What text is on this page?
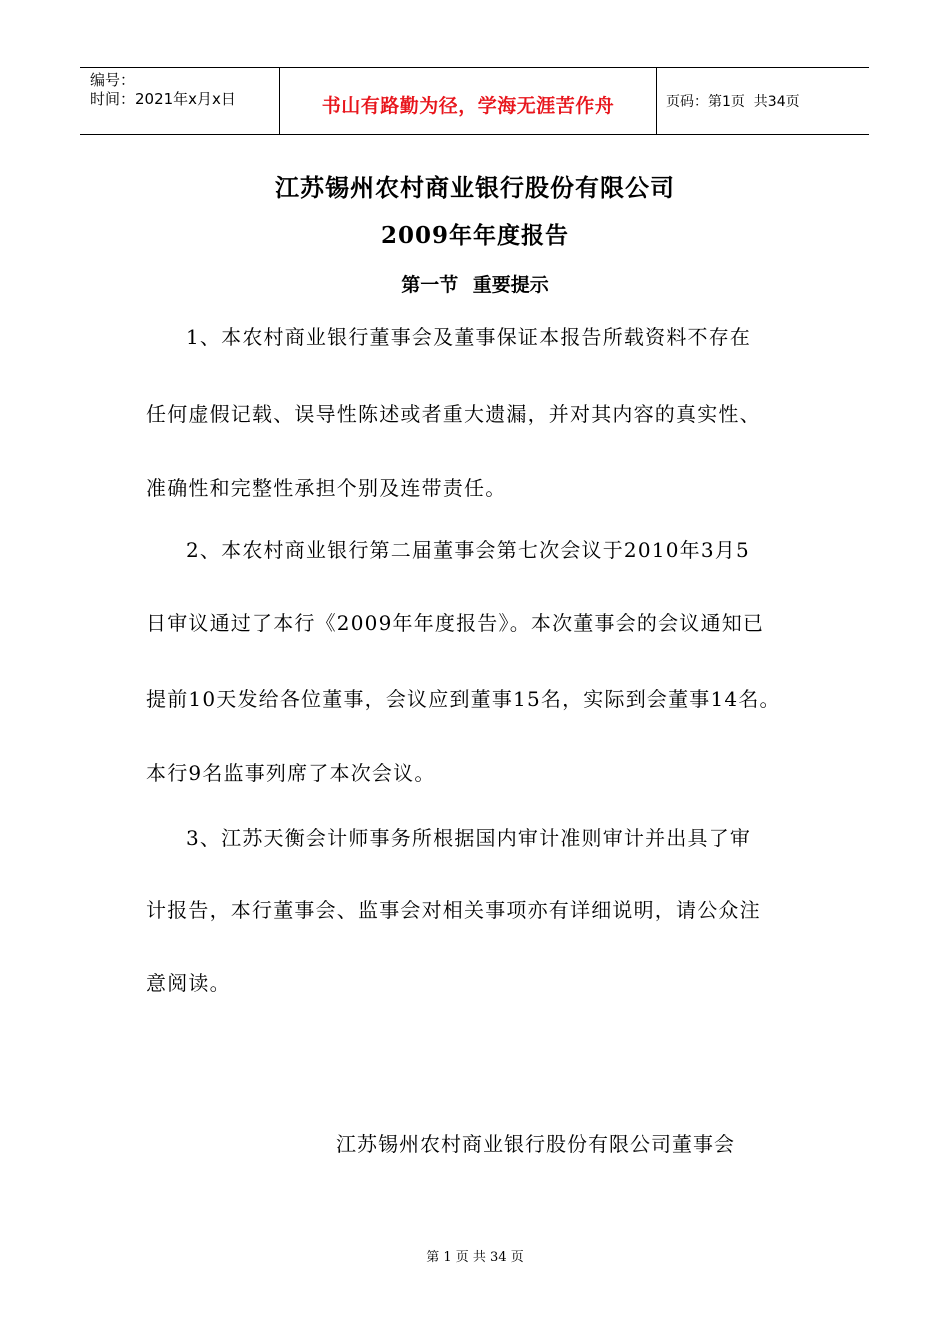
编号：
时间：2021年x月x日	书山有路勤为径，学海无涯苦作舟	页码：第1页  共34页
江苏锡州农村商业银行股份有限公司
2009年年度报告
第一节 重要提示
1、本农村商业银行董事会及董事保证本报告所载资料不存在
任何虚假记载、误导性陈述或者重大遗漏，并对其内容的真实性、
准确性和完整性承担个别及连带责任。
2、本农村商业银行第二届董事会第七次会议于2010年3月5
日审议通过了本行《2009年年度报告》。本次董事会的会议通知已
提前10天发给各位董事，会议应到董事15名，实际到会董事14名。
本行9名监事列席了本次会议。
3、江苏天衡会计师事务所根据国内审计准则审计并出具了审
计报告，本行董事会、监事会对相关事项亦有详细说明，请公众注
意阅读。
江苏锡州农村商业银行股份有限公司董事会
第 1 页 共 34 页
